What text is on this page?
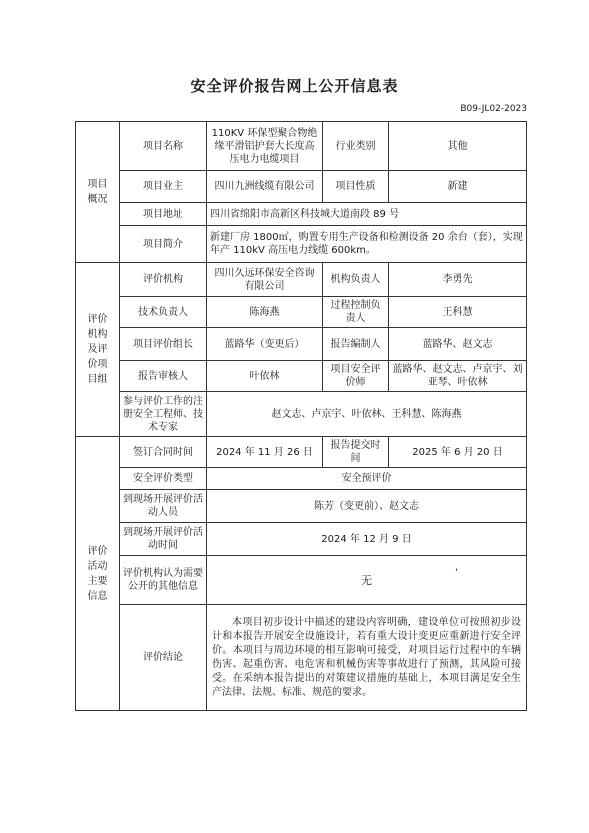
安全评价报告网上公开信息表
B09-JL02-2023
项目
概况	项目名称	110KV 环保型聚合物绝缘平滑铝护套大长度高压电力电缆项目	行业类别	其他
	项目业主	四川九洲线缆有限公司	项目性质	新建
	项目地址	四川省绵阳市高新区科技城大道南段 89 号		
	项目简介	新建厂房 1800㎡，购置专用生产设备和检测设备 20 余台（套），实现年产 110kV 高压电力线缆 600km。		
评价
机构
及评
价项
目组	评价机构	四川久远环保安全咨询有限公司	机构负责人	李勇先
	技术负责人	陈海燕	过程控制负责人	王科慧
	项目评价组长	蓝路华（变更后）	报告编制人	蓝路华、赵文志
	报告审核人	叶依林	项目安全评价师	蓝路华、赵文志、卢京宇、刘亚琴、叶依林
	参与评价工作的注册安全工程师、技术专家	赵文志、卢京宇、叶依林、王科慧、陈海燕		
评价
活动
主要
信息	签订合同时间	2024 年 11 月 26 日	报告提交时间	2025 年 6 月 20 日
	安全评价类型	安全预评价		
	到现场开展评价活动人员	陈芳（变更前）、赵文志		
	到现场开展评价活动时间	2024 年 12 月 9 日		
	评价机构认为需要公开的其他信息	无		
	评价结论	本项目初步设计中描述的建设内容明确，建设单位可按照初步设计和本报告开展安全设施设计，若有重大设计变更应重新进行安全评价。本项目与周边环境的相互影响可接受，对项目运行过程中的车辆伤害、起重伤害、电危害和机械伤害等事故进行了预测，其风险可接受。在采纳本报告提出的对策建议措施的基础上，本项目满足安全生产法律、法规、标准、规范的要求。		
,
